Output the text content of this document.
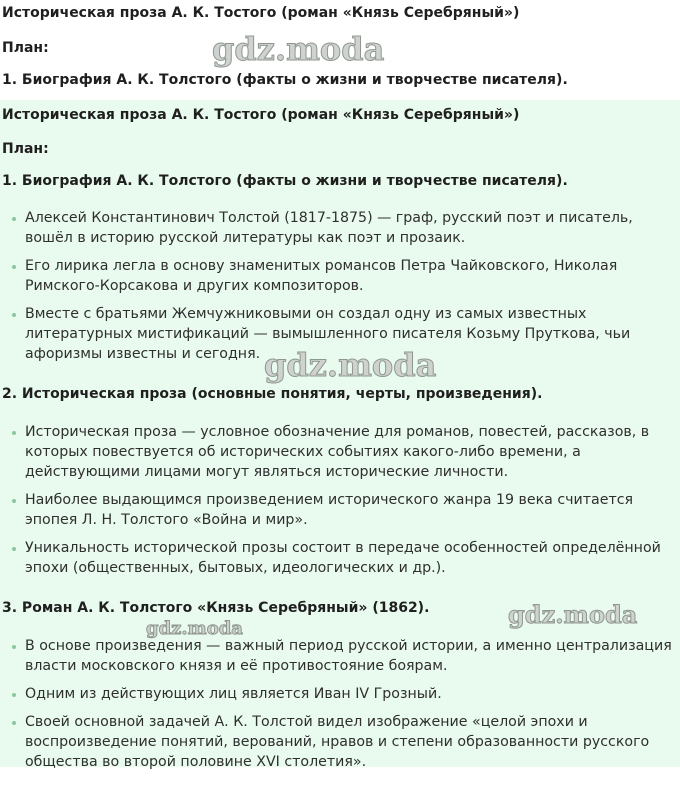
Историческая проза А. К. Тостого (роман «Князь Серебряный»)
План:
1. Биография А. К. Толстого (факты о жизни и творчестве писателя).
Историческая проза А. К. Тостого (роман «Князь Серебряный»)
План:
1. Биография А. К. Толстого (факты о жизни и творчестве писателя).
Алексей Константинович Толстой (1817-1875) — граф, русский поэт и писатель, вошёл в историю русской литературы как поэт и прозаик.
Его лирика легла в основу знаменитых романсов Петра Чайковского, Николая Римского-Корсакова и других композиторов.
Вместе с братьями Жемчужниковыми он создал одну из самых известных литературных мистификаций — вымышленного писателя Козьму Пруткова, чьи афоризмы известны и сегодня.
2. Историческая проза (основные понятия, черты, произведения).
Историческая проза — условное обозначение для романов, повестей, рассказов, в которых повествуется об исторических событиях какого-либо времени, а действующими лицами могут являться исторические личности.
Наиболее выдающимся произведением исторического жанра 19 века считается эпопея Л. Н. Толстого «Война и мир».
Уникальность исторической прозы состоит в передаче особенностей определённой эпохи (общественных, бытовых, идеологических и др.).
3. Роман А. К. Толстого «Князь Серебряный» (1862).
В основе произведения — важный период русской истории, а именно централизация власти московского князя и её противостояние боярам.
Одним из действующих лиц является Иван IV Грозный.
Своей основной задачей А. К. Толстой видел изображение «целой эпохи и воспроизведение понятий, верований, нравов и степени образованности русского общества во второй половине XVI столетия».
gdz.moda
gdz.moda
gdz.moda
gdz.moda
